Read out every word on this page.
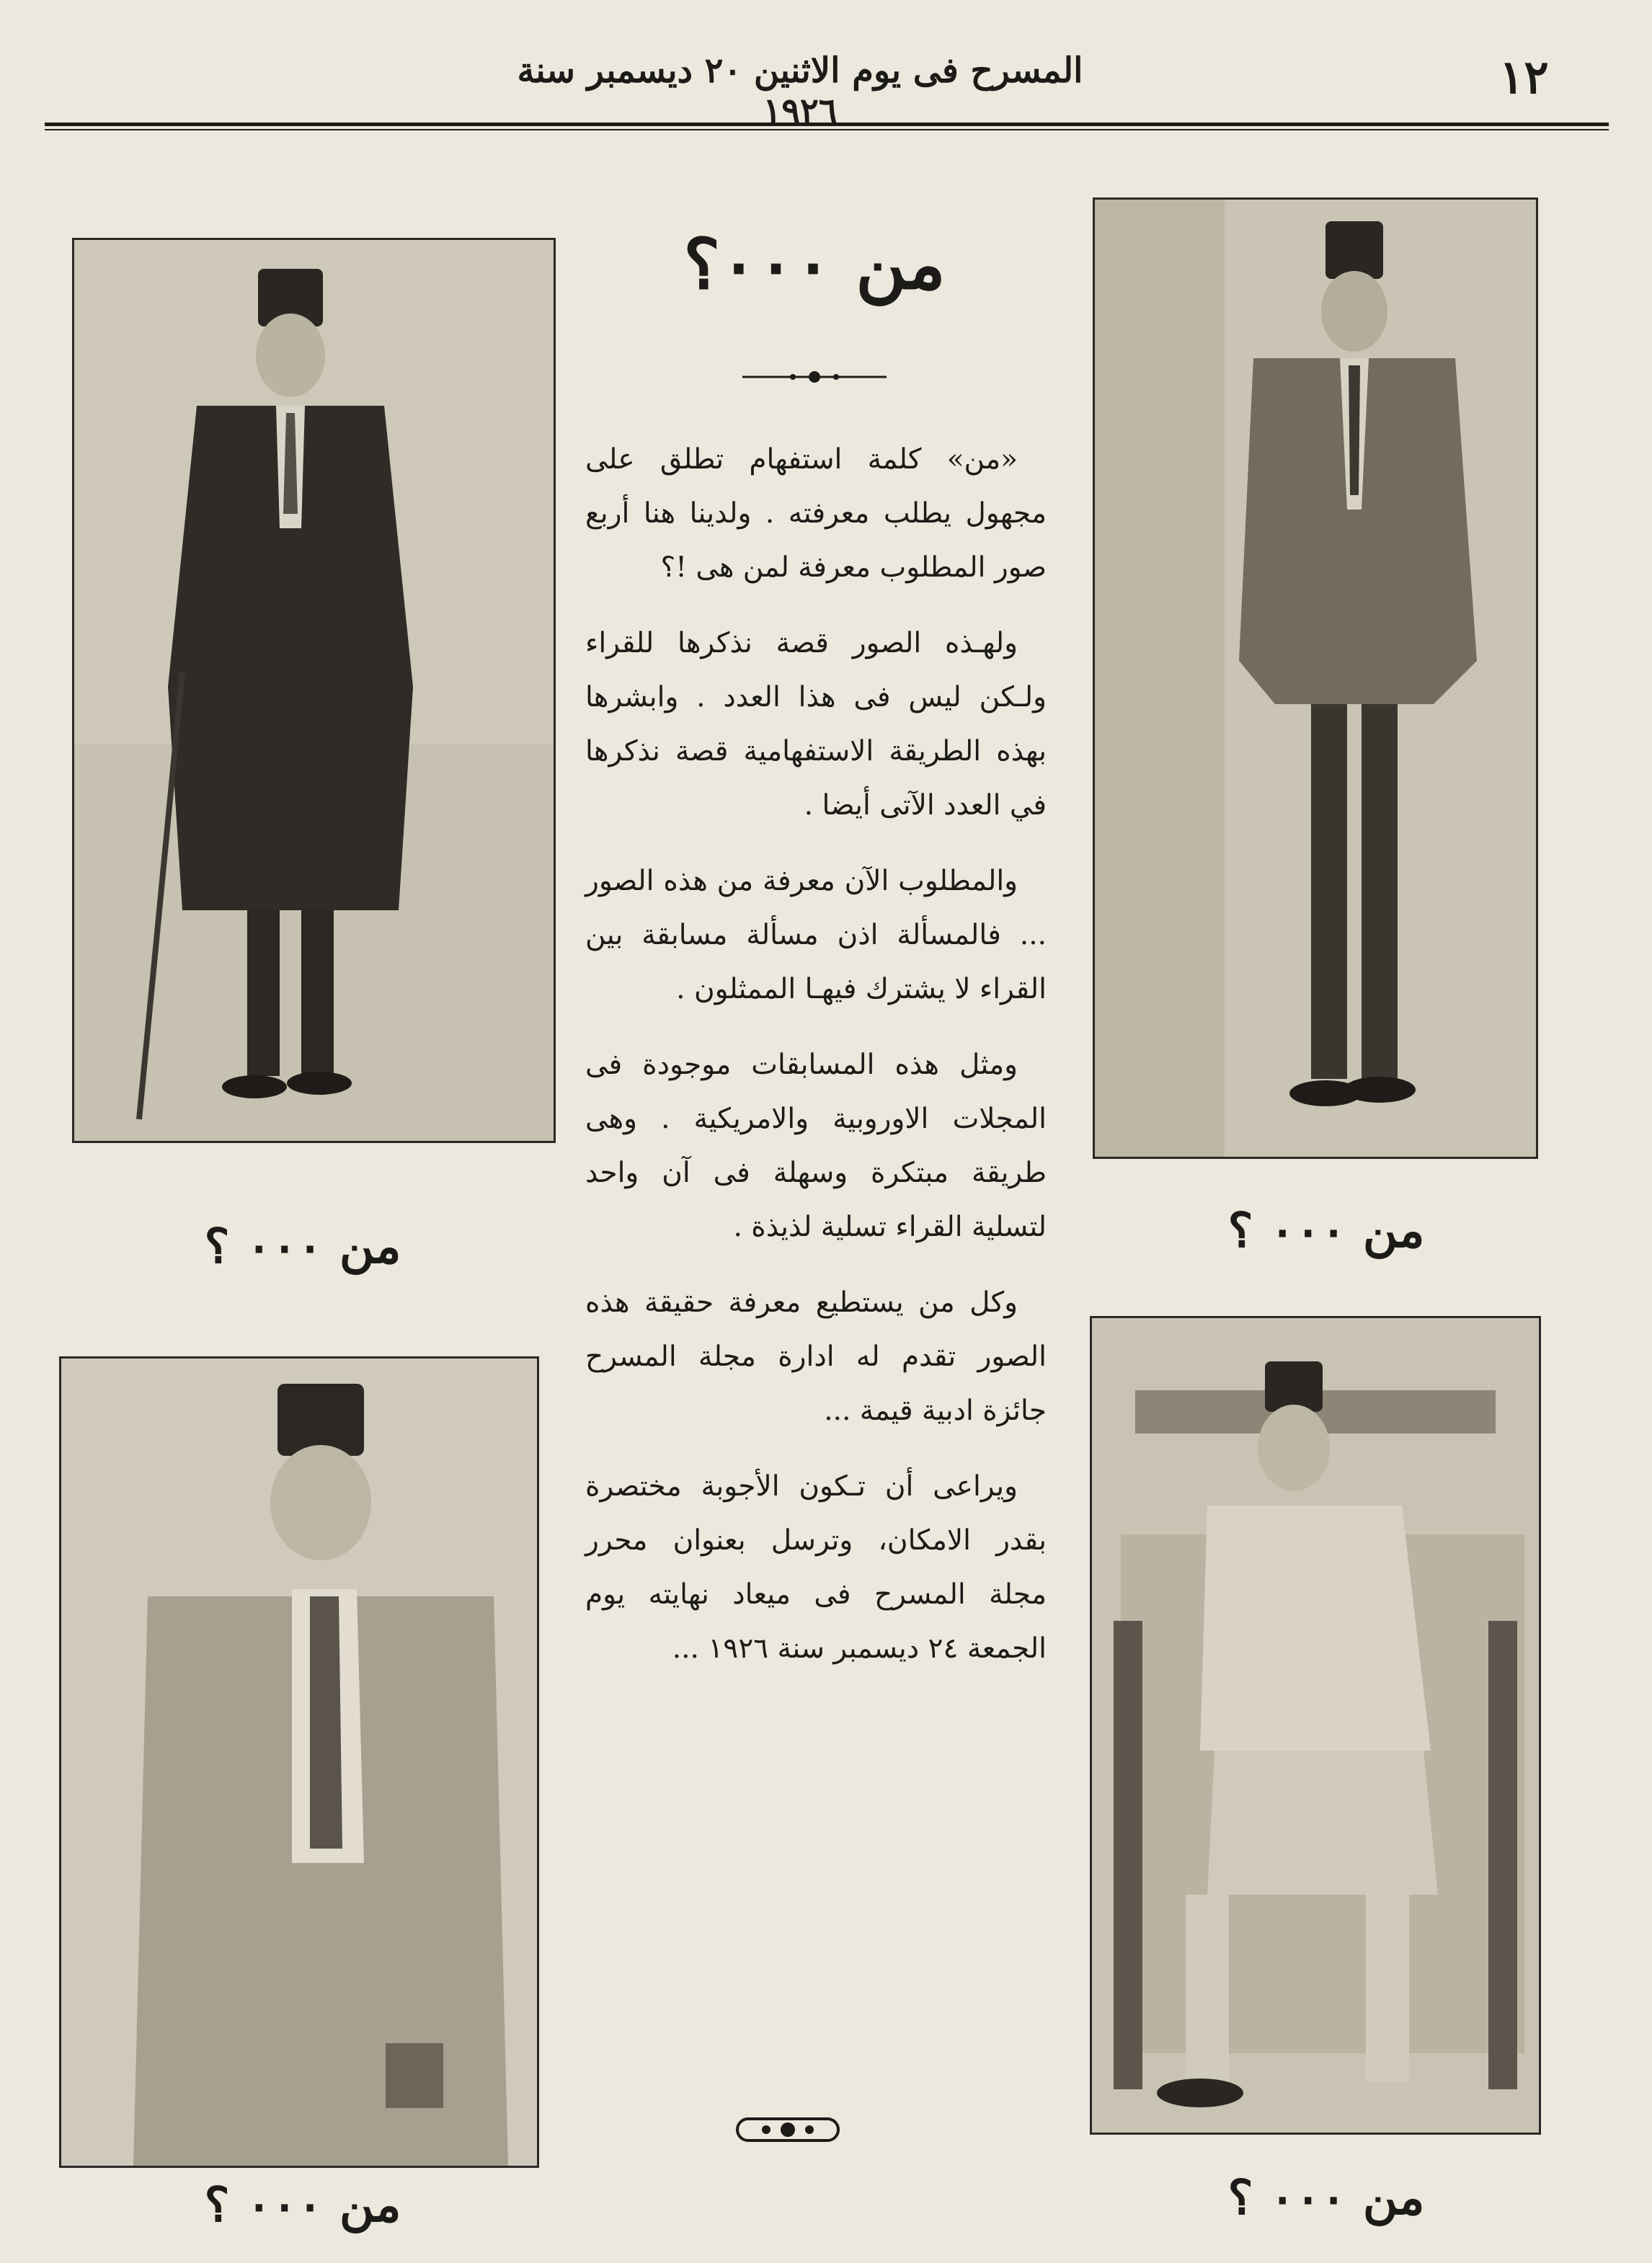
١٢
المسرح فى يوم الاثنين ٢٠ ديسمبر سنة ١٩٢٦
من ٠٠٠ ؟	من ٠٠٠ ؟
من ٠٠٠ ؟	من ٠٠٠ ؟
من ٠٠٠؟

«من» كلمة استفهام تطلق على مجهول يطلب معرفته . ولدينا هنا أربع صور المطلوب معرفة لمن هى !؟

ولهـذه الصور قصة نذكرها للقراء ولـكن ليس فى هذا العدد . وابشرها بهذه الطريقة الاستفهامية قصة نذكرها في العدد الآتى أيضا .

والمطلوب الآن معرفة من هذه الصور ... فالمسألة اذن مسألة مسابقة بين القراء لا يشترك فيهـا الممثلون .

ومثل هذه المسابقات موجودة فى المجلات الاوروبية والامريكية . وهى طريقة مبتكرة وسهلة فى آن واحد لتسلية القراء تسلية لذيذة .

وكل من يستطيع معرفة حقيقة هذه الصور تقدم له ادارة مجلة المسرح جائزة ادبية قيمة ...

ويراعى أن تـكون الأجوبة مختصرة بقدر الامكان، وترسل بعنوان محرر مجلة المسرح فى ميعاد نهايته يوم الجمعة ٢٤ ديسمبر سنة ١٩٢٦ ...
